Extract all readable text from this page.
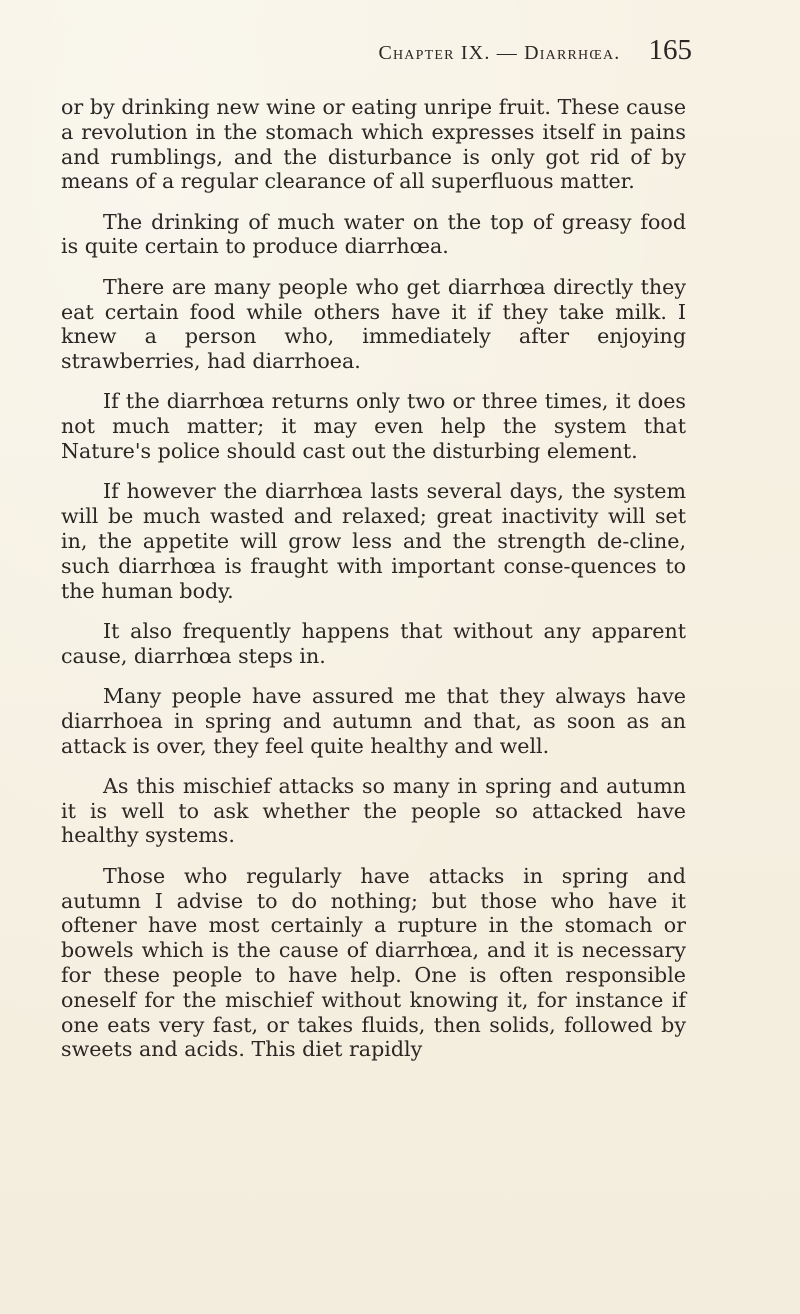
Chapter IX. — Diarrhœa. 165

or by drinking new wine or eating unripe fruit. These cause a revolution in the stomach which expresses itself in pains and rumblings, and the disturbance is only got rid of by means of a regular clearance of all superfluous matter.

The drinking of much water on the top of greasy food is quite certain to produce diarrhœa.

There are many people who get diarrhœa directly they eat certain food while others have it if they take milk. I knew a person who, immediately after enjoying strawberries, had diarrhoea.

If the diarrhœa returns only two or three times, it does not much matter; it may even help the system that Nature's police should cast out the disturbing element.

If however the diarrhœa lasts several days, the system will be much wasted and relaxed; great inactivity will set in, the appetite will grow less and the strength de-cline, such diarrhœa is fraught with important conse-quences to the human body.

It also frequently happens that without any apparent cause, diarrhœa steps in.

Many people have assured me that they always have diarrhoea in spring and autumn and that, as soon as an attack is over, they feel quite healthy and well.

As this mischief attacks so many in spring and autumn it is well to ask whether the people so attacked have healthy systems.

Those who regularly have attacks in spring and autumn I advise to do nothing; but those who have it oftener have most certainly a rupture in the stomach or bowels which is the cause of diarrhœa, and it is necessary for these people to have help. One is often responsible oneself for the mischief without knowing it, for instance if one eats very fast, or takes fluids, then solids, followed by sweets and acids. This diet rapidly
